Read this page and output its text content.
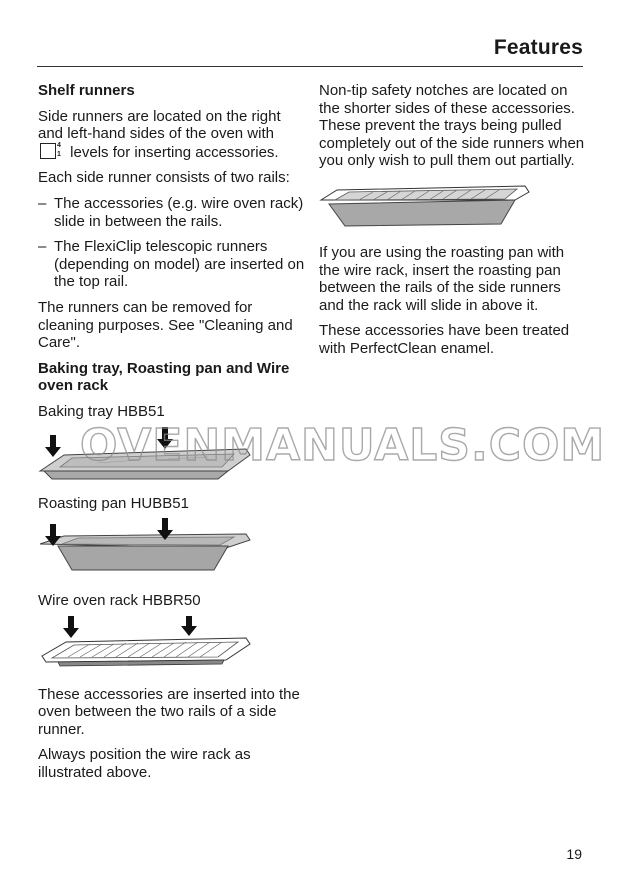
Features
Shelf runners

Side runners are located on the right and left-hand sides of the oven with
4
1 levels for inserting accessories.

Each side runner consists of two rails:

– The accessories (e.g. wire oven rack) slide in between the rails.
– The FlexiClip telescopic runners (depending on model) are inserted on the top rail.

The runners can be removed for cleaning purposes. See "Cleaning and Care".

Baking tray, Roasting pan and Wire oven rack

Baking tray HBB51

Roasting pan HUBB51

Wire oven rack HBBR50

These accessories are inserted into the oven between the two rails of a side runner.

Always position the wire rack as illustrated above.

Non-tip safety notches are located on the shorter sides of these accessories. These prevent the trays being pulled completely out of the side runners when you only wish to pull them out partially.

If you are using the roasting pan with the wire rack, insert the roasting pan between the rails of the side runners and the rack will slide in above it.

These accessories have been treated with PerfectClean enamel.

OVENMANUALS.COM
19
